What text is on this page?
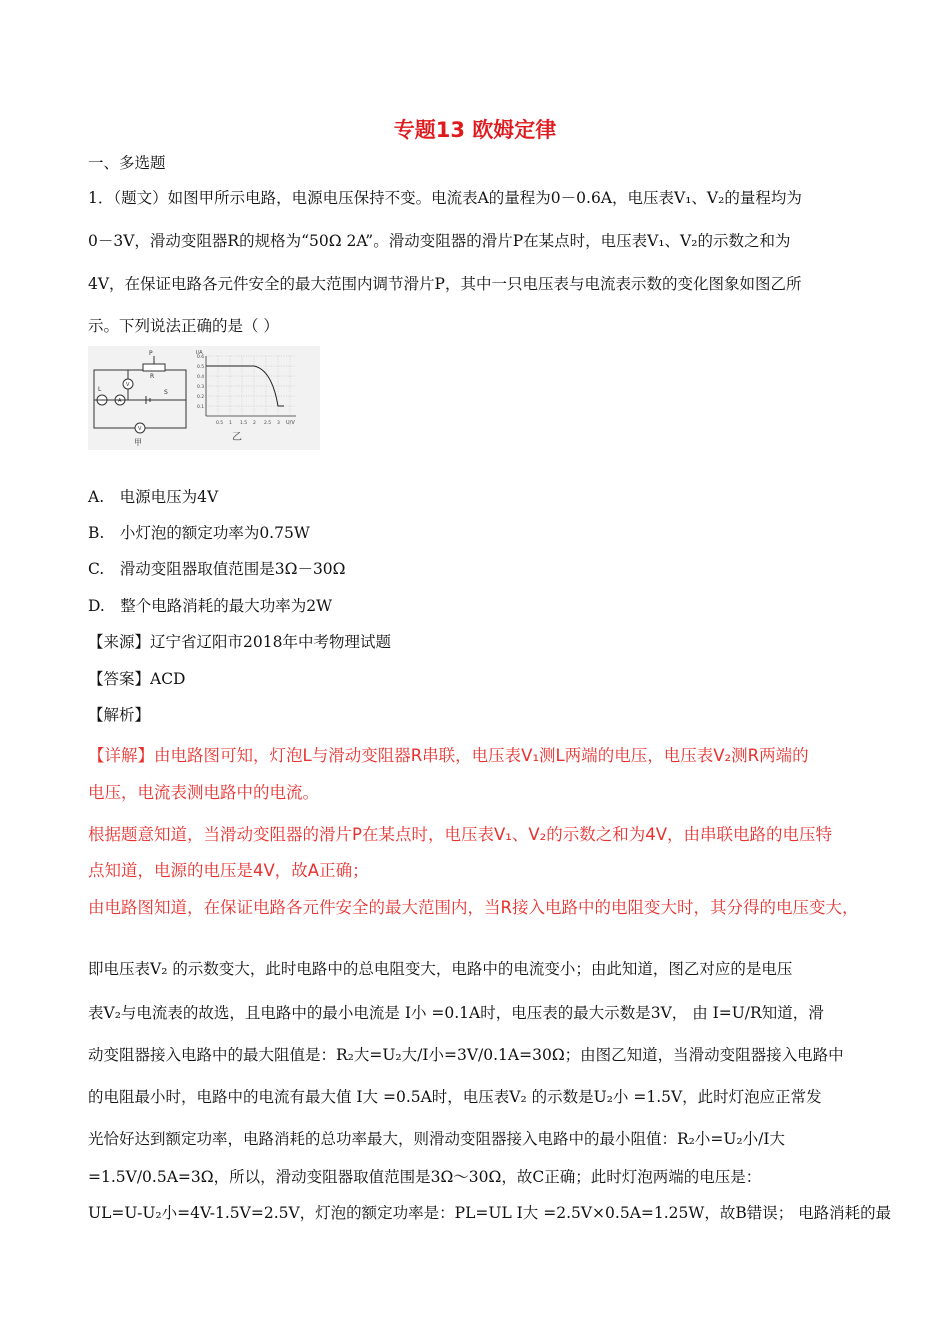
专题13 欧姆定律
一、多选题
1．（题文）如图甲所示电路，电源电压保持不变。电流表A的量程为0－0.6A，电压表V₁、V₂的量程均为
0－3V，滑动变阻器R的规格为“50Ω 2A”。滑动变阻器的滑片P在某点时，电压表V₁、V₂的示数之和为
4V，在保证电路各元件安全的最大范围内调节滑片P，其中一只电压表与电流表示数的变化图象如图乙所
示。下列说法正确的是（ ）
P
R
L	S
V
A
V
甲
I/A
0.6
0.5
0.4
0.3
0.2
0.1
0.5 1 1.5 2 2.5 3 U/V
乙
A.　电源电压为4V
B.　小灯泡的额定功率为0.75W
C.　滑动变阻器取值范围是3Ω－30Ω
D.　整个电路消耗的最大功率为2W
【来源】辽宁省辽阳市2018年中考物理试题
【答案】ACD
【解析】
【详解】由电路图可知，灯泡L与滑动变阻器R串联，电压表V₁测L两端的电压，电压表V₂测R两端的
电压，电流表测电路中的电流。
根据题意知道，当滑动变阻器的滑片P在某点时，电压表V₁、V₂的示数之和为4V，由串联电路的电压特
点知道，电源的电压是4V，故A正确；
由电路图知道，在保证电路各元件安全的最大范围内，当R接入电路中的电阻变大时，其分得的电压变大，
即电压表V₂ 的示数变大，此时电路中的总电阻变大，电路中的电流变小；由此知道，图乙对应的是电压
表V₂与电流表的故选，且电路中的最小电流是 I小 =0.1A时，电压表的最大示数是3V， 由 I=U/R知道，滑
动变阻器接入电路中的最大阻值是：R₂大=U₂大/I小=3V/0.1A=30Ω；由图乙知道，当滑动变阻器接入电路中
的电阻最小时，电路中的电流有最大值 I大 =0.5A时，电压表V₂ 的示数是U₂小 =1.5V，此时灯泡应正常发
光恰好达到额定功率，电路消耗的总功率最大，则滑动变阻器接入电路中的最小阻值：R₂小=U₂小/I大
=1.5V/0.5A=3Ω，所以，滑动变阻器取值范围是3Ω～30Ω，故C正确；此时灯泡两端的电压是：
UL=U-U₂小=4V-1.5V=2.5V，灯泡的额定功率是：PL=UL I大 =2.5V×0.5A=1.25W，故B错误； 电路消耗的最
